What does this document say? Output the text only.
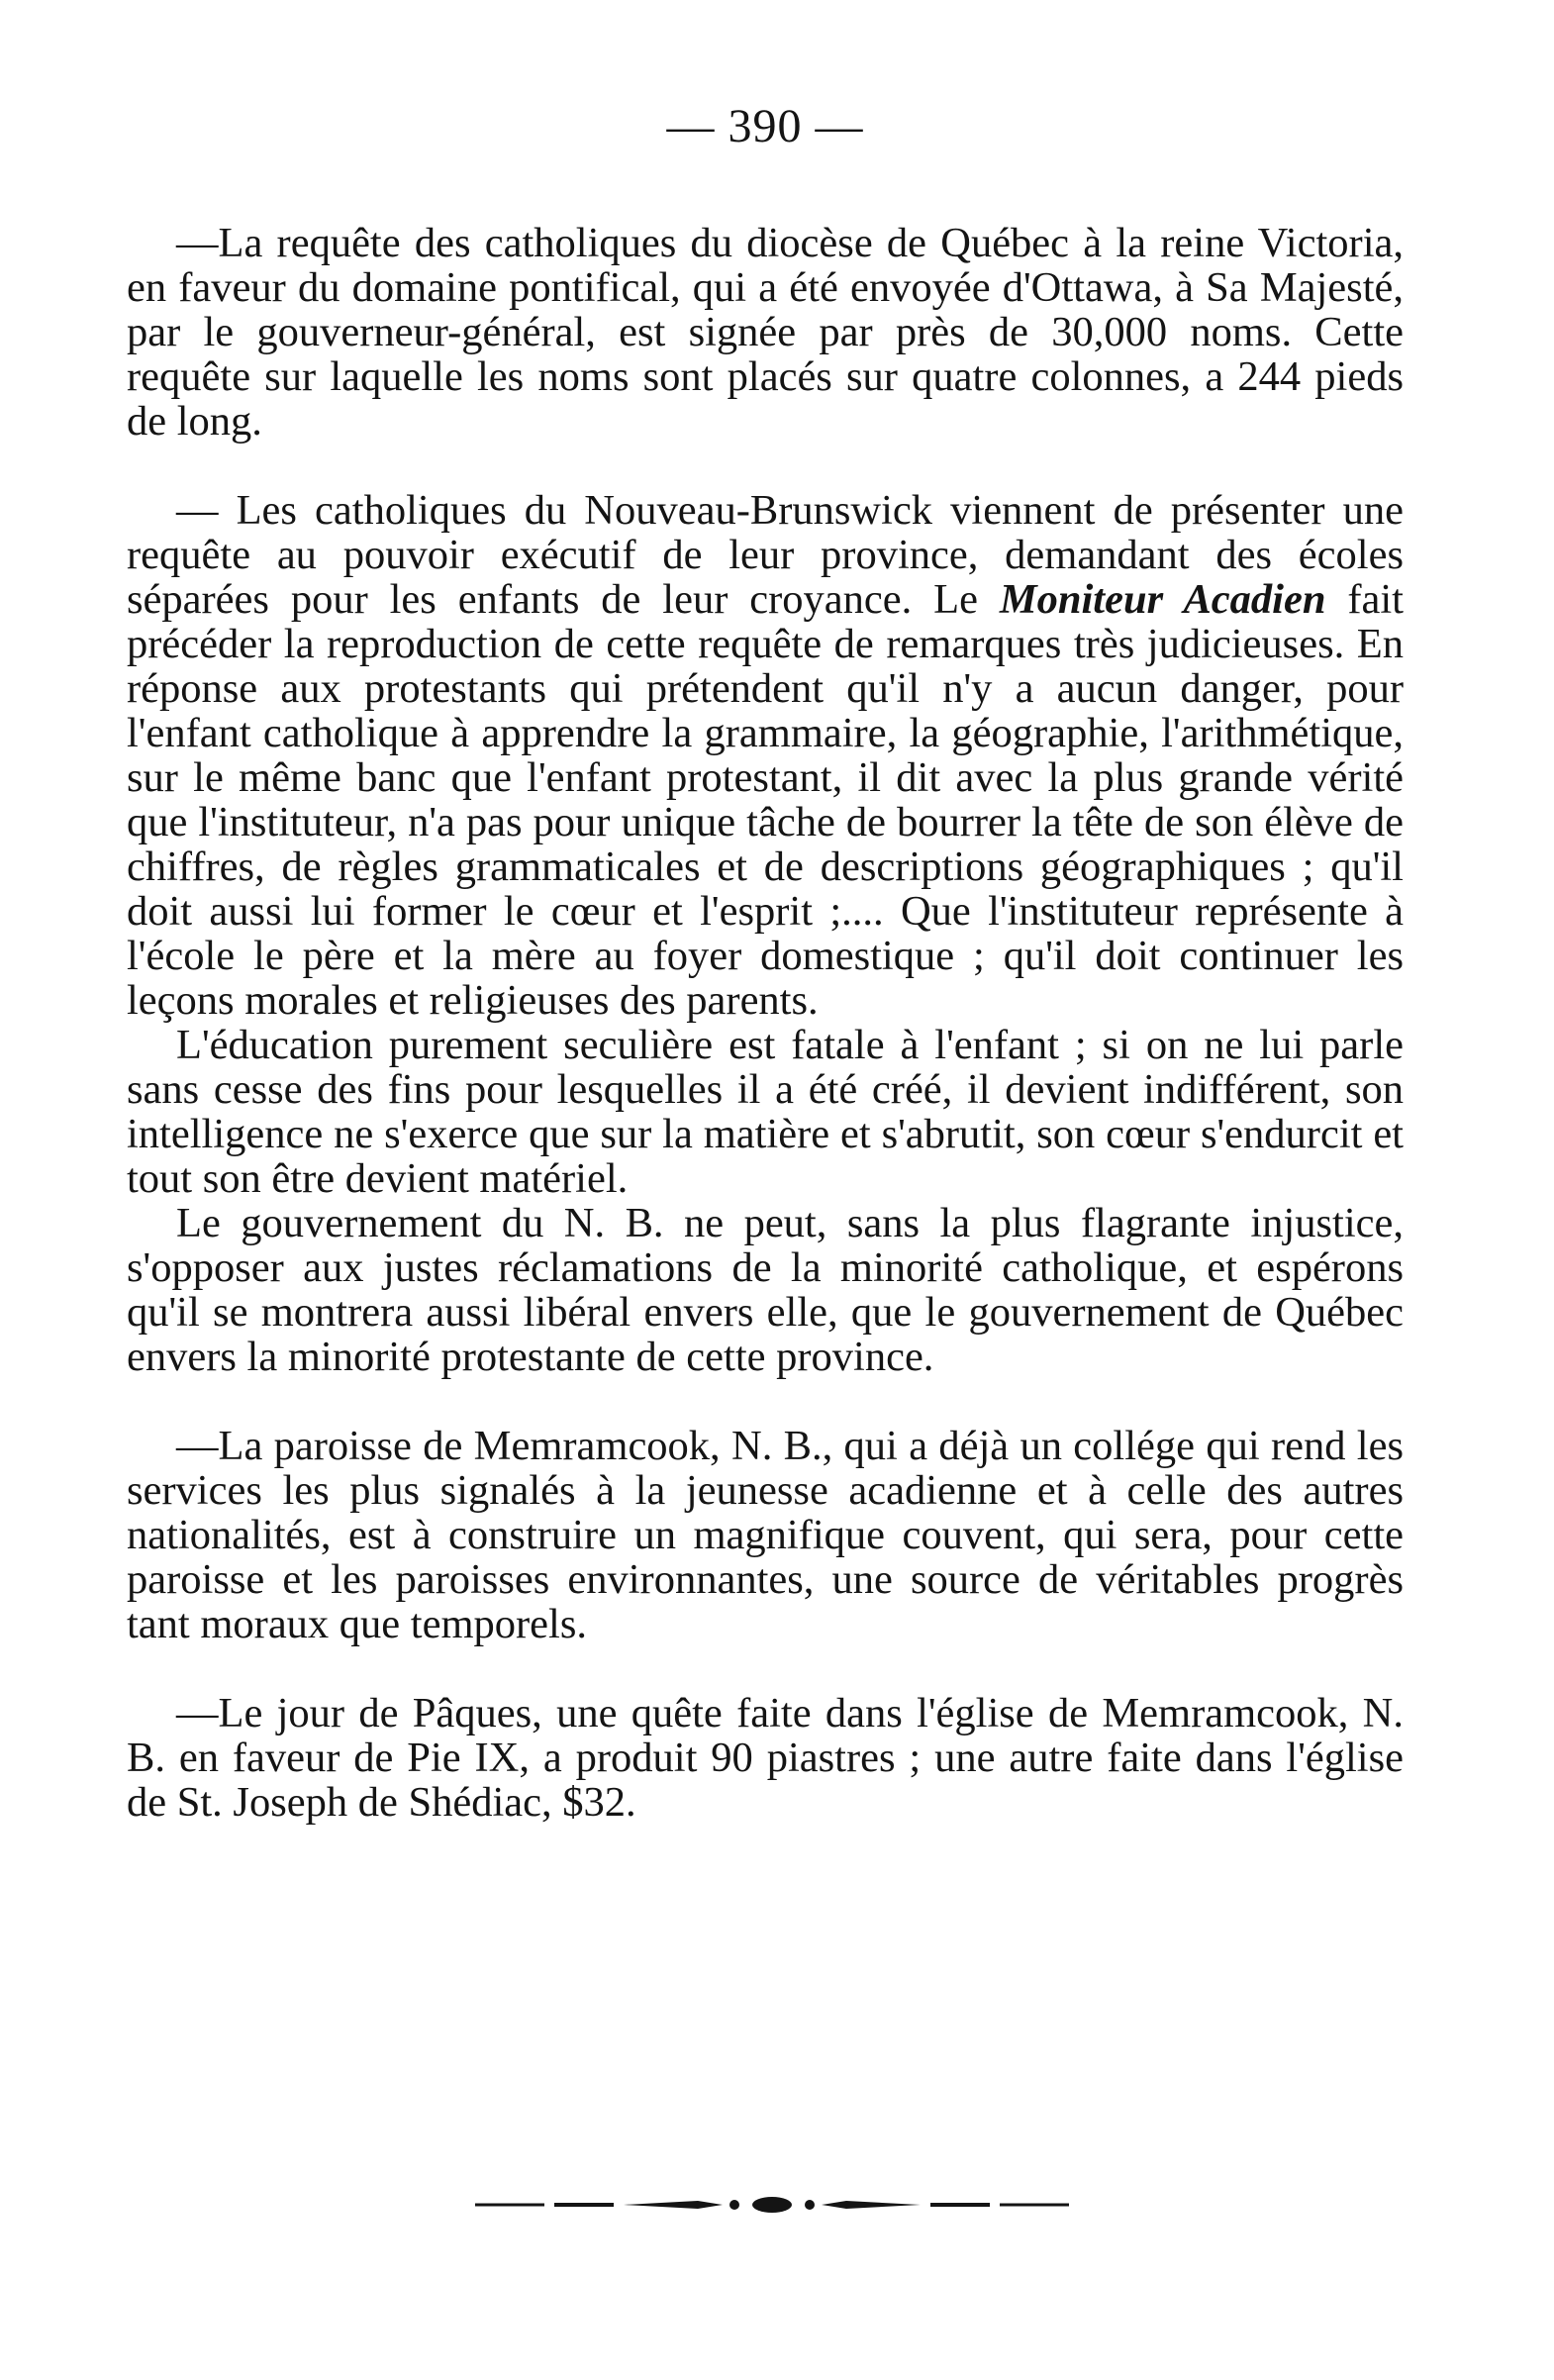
— 390 —

—La requête des catholiques du diocèse de Québec à la reine Victoria, en faveur du domaine pontifical, qui a été envoyée d'Ottawa, à Sa Majesté, par le gouverneur-général, est signée par près de 30,000 noms. Cette requête sur laquelle les noms sont placés sur quatre colonnes, a 244 pieds de long.

— Les catholiques du Nouveau-Brunswick viennent de présenter une requête au pouvoir exécutif de leur province, demandant des écoles séparées pour les enfants de leur croyance. Le Moniteur Acadien fait précéder la reproduction de cette requête de remarques très judicieuses. En réponse aux protestants qui prétendent qu'il n'y a aucun danger, pour l'enfant catholique à apprendre la grammaire, la géographie, l'arithmétique, sur le même banc que l'enfant protestant, il dit avec la plus grande vérité que l'instituteur, n'a pas pour unique tâche de bourrer la tête de son élève de chiffres, de règles grammaticales et de descriptions géographiques ; qu'il doit aussi lui former le cœur et l'esprit ;.... Que l'instituteur représente à l'école le père et la mère au foyer domestique ; qu'il doit continuer les leçons morales et religieuses des parents.

L'éducation purement seculière est fatale à l'enfant ; si on ne lui parle sans cesse des fins pour lesquelles il a été créé, il devient indifférent, son intelligence ne s'exerce que sur la matière et s'abrutit, son cœur s'endurcit et tout son être devient matériel.

Le gouvernement du N. B. ne peut, sans la plus flagrante injustice, s'opposer aux justes réclamations de la minorité catholique, et espérons qu'il se montrera aussi libéral envers elle, que le gouvernement de Québec envers la minorité protestante de cette province.

—La paroisse de Memramcook, N. B., qui a déjà un collége qui rend les services les plus signalés à la jeunesse acadienne et à celle des autres nationalités, est à construire un magnifique couvent, qui sera, pour cette paroisse et les paroisses environnantes, une source de véritables progrès tant moraux que temporels.

—Le jour de Pâques, une quête faite dans l'église de Memramcook, N. B. en faveur de Pie IX, a produit 90 piastres ; une autre faite dans l'église de St. Joseph de Shédiac, $32.
